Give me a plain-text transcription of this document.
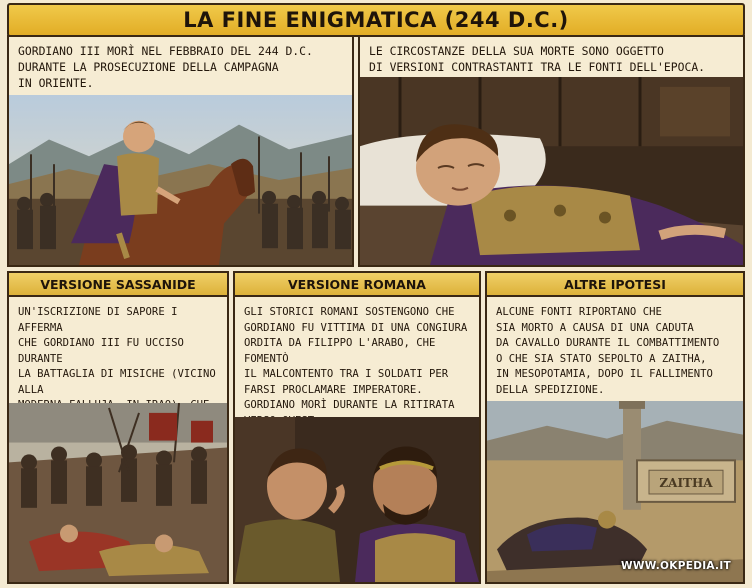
LA FINE ENIGMATICA (244 D.C.)
GORDIANO III MORÌ NEL FEBBRAIO DEL 244 D.C.
DURANTE LA PROSECUZIONE DELLA CAMPAGNA
IN ORIENTE.
LE CIRCOSTANZE DELLA SUA MORTE SONO OGGETTO
DI VERSIONI CONTRASTANTI TRA LE FONTI DELL'EPOCA.
VERSIONE SASSANIDE
UN'ISCRIZIONE DI SAPORE I AFFERMA
CHE GORDIANO III FU UCCISO DURANTE
LA BATTAGLIA DI MISICHE (VICINO ALLA

VERSIONE ROMANA
GLI STORICI ROMANI SOSTENGONO CHE
GORDIANO FU VITTIMA DI UNA CONGIURA
ORDITA DA FILIPPO L'ARABO, CHE FOMENTÒ
IL MALCONTENTO TRA I SOLDATI PER
FARSI PROCLAMARE IMPERATORE.
GORDIANO MORÌ DURANTE LA RITIRATA

ALTRE IPOTESI
ALCUNE FONTI RIPORTANO CHE
SIA MORTO A CAUSA DI UNA CADUTA
DA CAVALLO DURANTE IL COMBATTIMENTO
O CHE SIA STATO SEPOLTO A ZAITHA,
IN MESOPOTAMIA, DOPO IL FALLIMENTO
DELLA SPEDIZIONE.
ZAITHA
WWW.OKPEDIA.IT
